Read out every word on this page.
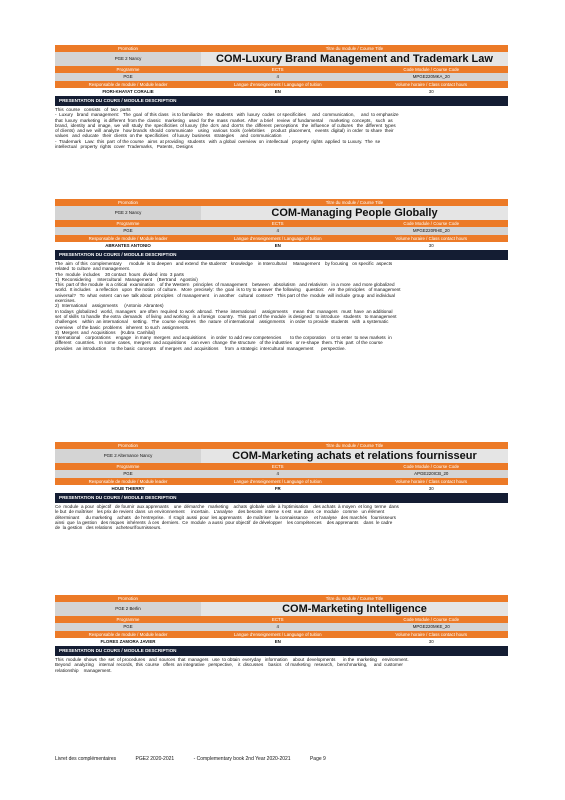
Promotion	Titre du module / Course Title
PGE 2 Nancy	COM-Luxury Brand Management and Trademark Law
Programme	ECTS	Code Module / Course Code
PGE	4	MPGE220MKA_20
Responsable de module / Module leader	Langue d'enseignement / Language of tuition	Volume horaire / Class contact hours
FIORI-KHAYAT CORALIE	EN	30
PRESENTATION DU COURS / MODULE DESCRIPTION
This  course   consists   of  two  parts
-  Luxury   brand  management:   The  goal  of this class   is to familiarize   the  students   with  luxury  codes  or specificities     and  communication,     and  to emphasize
that  luxury  marketing   is different  from the  classic   marketing   used  for the  mass  market.  After  a brief   review  of fundamental     marketing  concepts,   such  as
brand,  identity  and  image,  we  will  study  the  specificities  of luxury  (the  do's  and  don'ts  the  different  perceptions   the  influence  of cultures   the  different  types
of clients)  and we  will  analyze   how brands  should  communicate    using   various  tools  (celebrities     product  placement,   events  digital)  in order  to share  their
values   and  educate   their  clients  on the  specificities   of luxury  business   strategies     and  communication      .
-  Trademark   Law:  this  part  of the course   aims  at providing   students   with  a global  overview  on  intellectual   property  rights  applied  to Luxury.  The  se
intellectual   property  rights  cover  Trademarks,   Patents,  Designs
Promotion	Titre du module / Course Title
PGE 2 Nancy	COM-Managing People Globally
Programme	ECTS	Code Module / Course Code
PGE	4	MPGE220RHE_20
Responsable de module / Module leader	Langue d'enseignement / Language of tuition	Volume horaire / Class contact hours
ABRANTES ANTONIO	EN	30
PRESENTATION DU COURS / MODULE DESCRIPTION
The  aim  of this  complementary      module  is to deepen   and extend  the students'   knowledge    in Intercultural     Management    by focusing   on specific  aspects
related  to culture  and management.
The  module  includes    30 contact  hours  divided  into  3 parts
1)  Reconsidering     Intercultural   Management    (Bertrand   Agostini)
This  part of the module  is a critical  examination    of the Western   principles  of management    between   absolutism   and relativism   in a more  and more globalized
world.  It includes    a reflection   upon  the notion  of culture.   More  precisely:  the  goal  is to try to answer  the following    question:   Are  the principles   of management
universal?   To  what  extent  can we  talk about  principles   of management    in another   cultural  context?   This part of the  module  will include  group  and individual
exercises.
2)  International    assignments     (Antonio  Abrantes)
In todays  globalized   world,  managers   are often  required  to work  abroad.  These  international     assignments    mean  that  managers   must  have  an additional
set  of skills  to handle  the extra  demands   of living  and working   in a foreign  country.   This  part of the module  is designed   to introduce   students   to management
challenges    within  an international    setting.   The  course  explores   the  nature  of international    assignments    in order  to provide  students   with  a systematic
overview   of the basic  problems   inherent  to such  assignments.
3)  Mergers  and  Acquisitions    (Kubra  Canhilal)
International    corporations    engage   in many  mergers  and acquisitions    in order  to add new competencies       to the corporation    or to enter  to new markets  in
different   countries.   In some  cases,  mergers  and acquisitions    can even  change  the structure   of the industries   or re-shape  them. This  part  of the course
provides   an introduction    to the basic  concepts   of mergers  and  acquisitions     from  a strategic  intercultural  management      perspective.
Promotion	Titre du module / Course Title
PGE 2 Alternance Nancy	COM-Marketing achats et relations fournisseur
Programme	ECTS	Code Module / Course Code
PGE	4	APGE220ICB_20
Responsable de module / Module leader	Langue d'enseignement / Language of tuition	Volume horaire / Class contact hours
HOUE THIERRY	FR	30
PRESENTATION DU COURS / MODULE DESCRIPTION
Ce  module  a pour  objectif   de fournir  aux apprenants    une  démarche   marketing    achats  globale  utile  à l'optimisation    des achats  à moyen  et long  terme  dans
le but  de maîtriser   les prix de revient  dans  un environnement     incertain.   L'analyse    des besoins  interne  s est  vue  dans  ce  module   comme   un élément
déterminant     du marketing    achats   de l'entreprise.   Il  s'agit  aussi  pour  les apprenants    de maîtriser   la connaissance     et l'analyse   des marchés   fournisseurs
ainsi  que  la gestion   des risques  inhérents  à ces  derniers.  Ce  module  a aussi  pour objectif  de développer    les compétences    des apprenants    dans  le cadre
de  la gestion   des relations   acheteur/fournisseurs.
Promotion	Titre du module / Course Title
PGE 2 Berlin	COM-Marketing Intelligence
Programme	ECTS	Code Module / Course Code
PGE	4	MPGE220MKE_20
Responsable de module / Module leader	Langue d'enseignement / Language of tuition	Volume horaire / Class contact hours
FLORES ZAMORA JAVIER	EN	30
PRESENTATION DU COURS / MODULE DESCRIPTION
This  module  shows  the  set  of procedures   and  sources  that  managers   use  to obtain  everyday   information    about  developments      in the  marketing    environment.
Beyond   analyzing    internal  records,  this  course   offers  an integrative   perspective,    it  discusses    basics   of marketing   research,   benchmarking,     and  customer
relationship    management.
Livret des complémentaires	PGE2 2020-2021	- Complementary book 2nd Year 2020-2021	Page 9
